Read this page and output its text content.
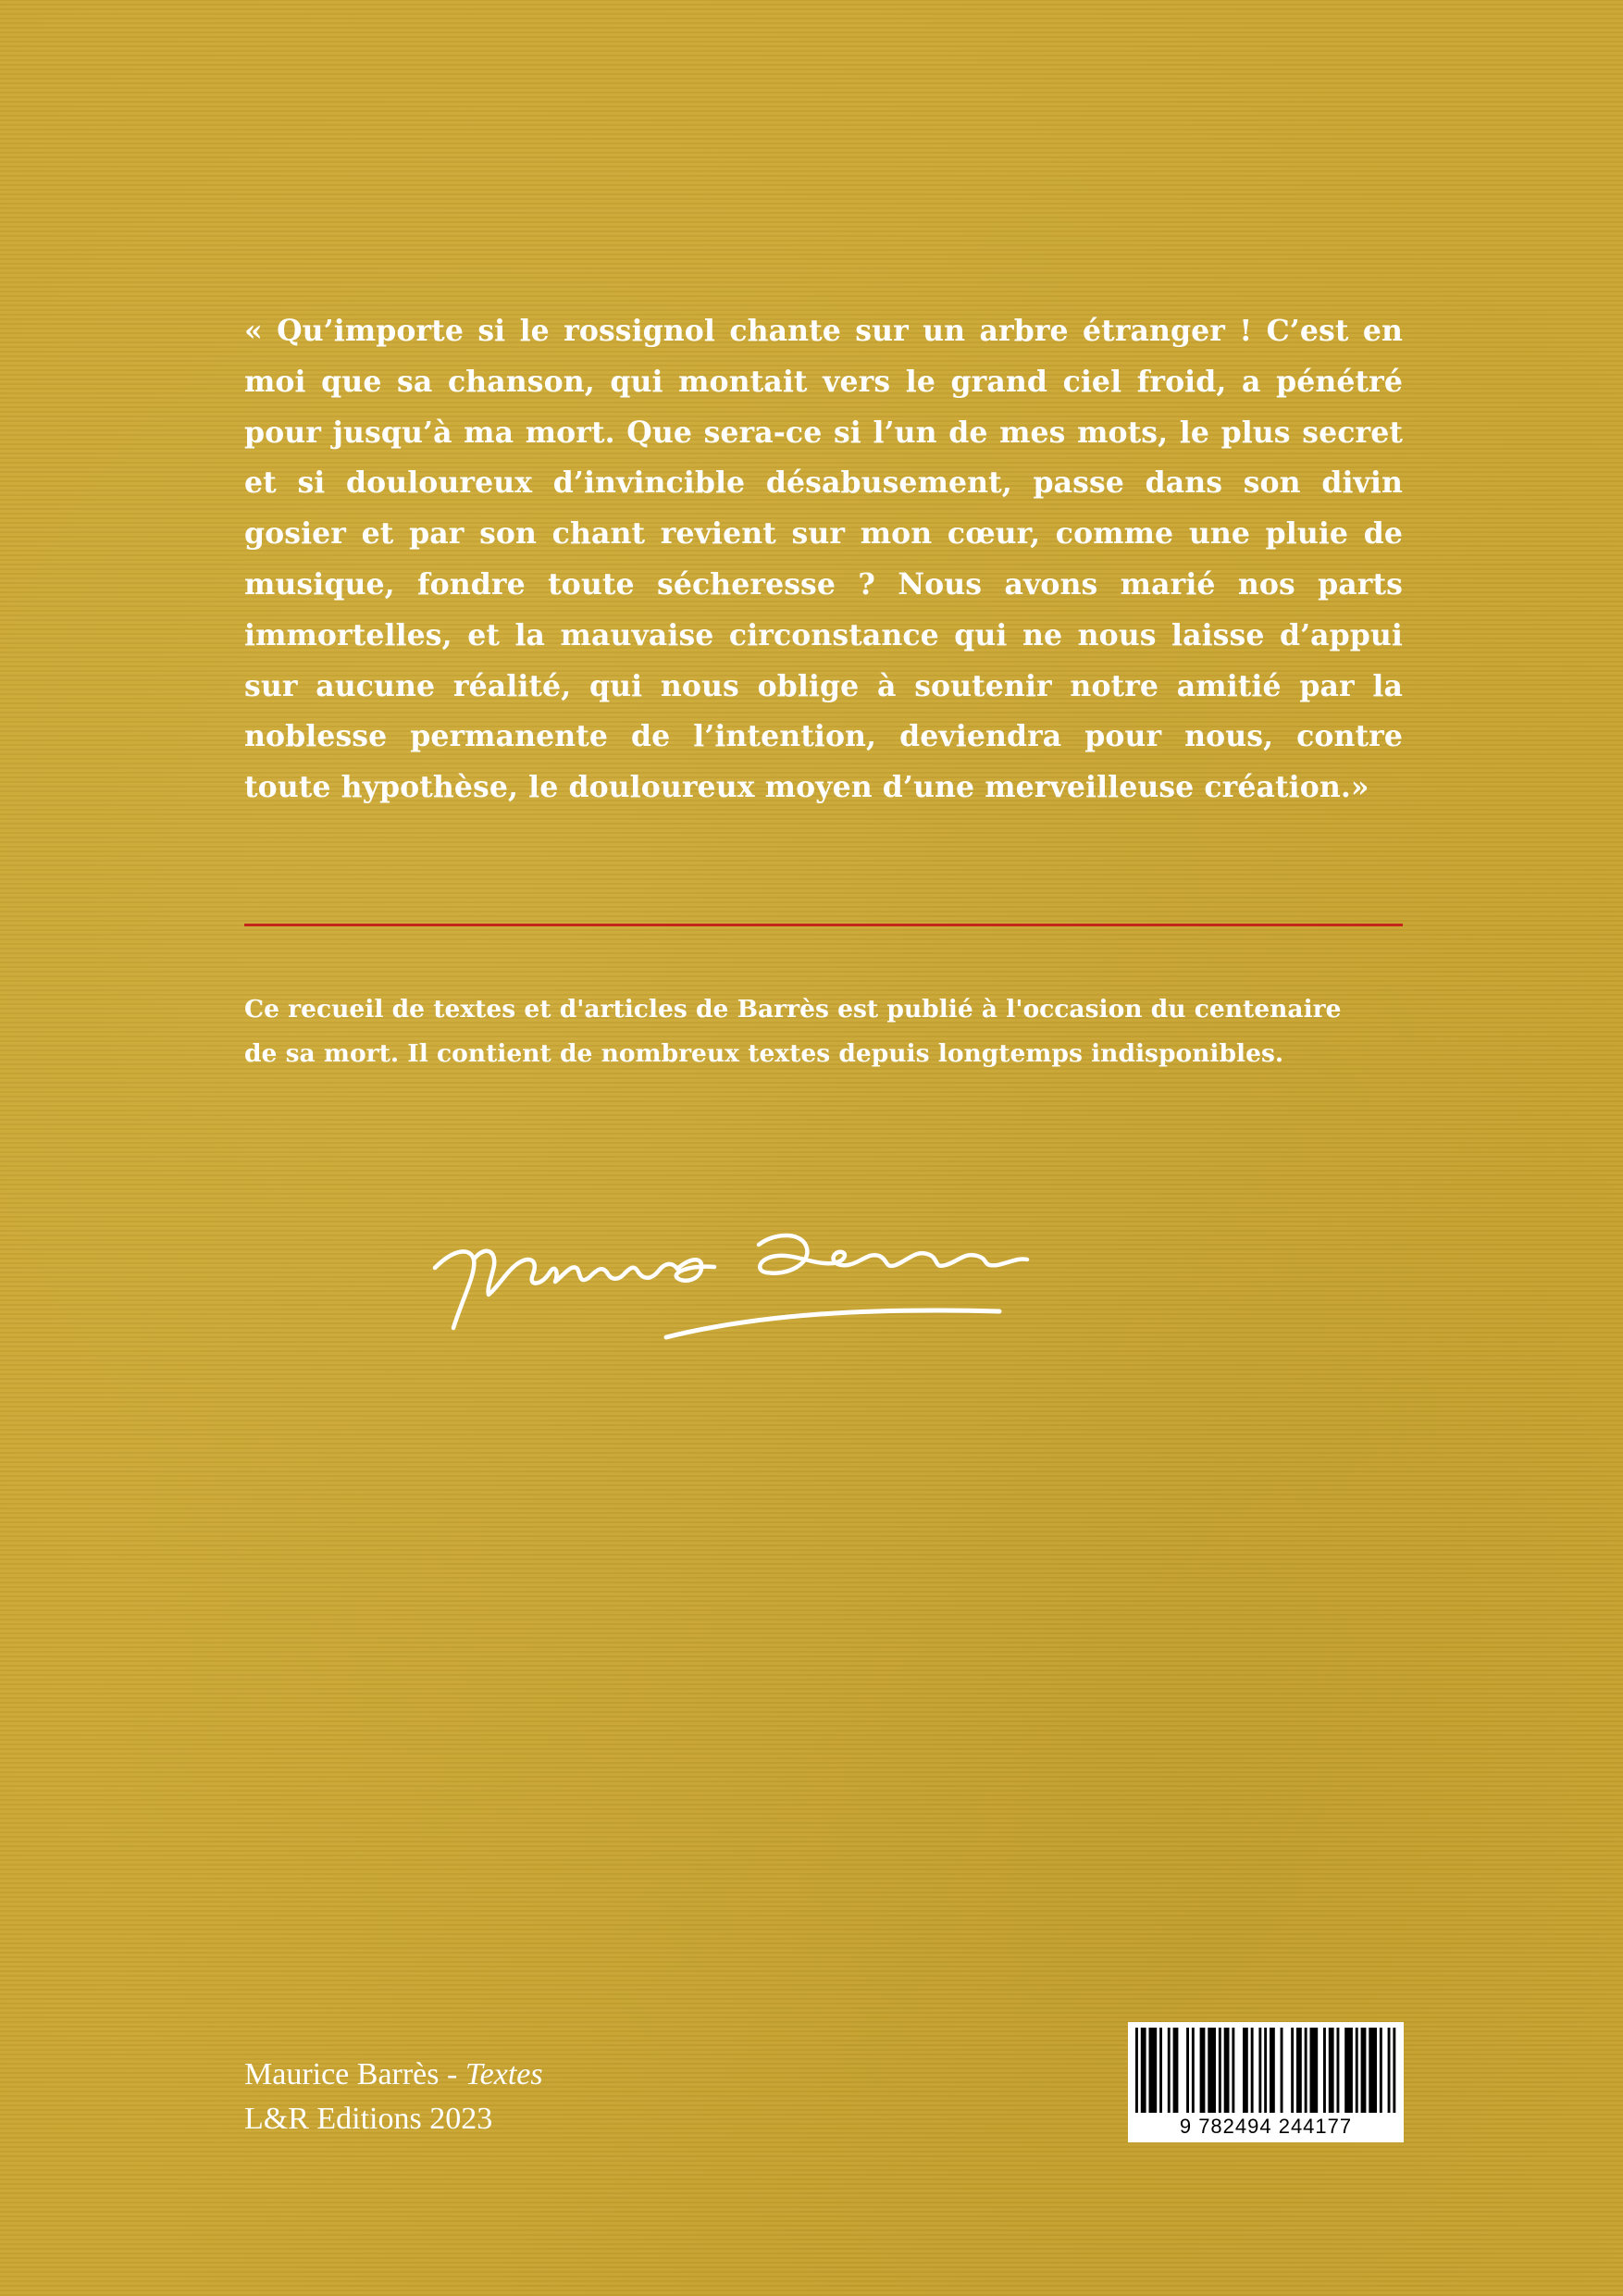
« Qu’importe si le rossignol chante sur un arbre étranger ! C’est en moi que sa chanson, qui montait vers le grand ciel froid, a pénétré pour jusqu’à ma mort. Que sera-ce si l’un de mes mots, le plus secret et si douloureux d’invincible désabusement, passe dans son divin gosier et par son chant revient sur mon cœur, comme une pluie de musique, fondre toute sécheresse ? Nous avons marié nos parts immortelles, et la mauvaise circonstance qui ne nous laisse d’appui sur aucune réalité, qui nous oblige à soutenir notre amitié par la noblesse permanente de l’intention, deviendra pour nous, contre toute hypothèse, le douloureux moyen d’une merveilleuse création.»

Ce recueil de textes et d'articles de Barrès est publié à l'occasion du centenaire
de sa mort. Il contient de nombreux textes depuis longtemps indisponibles.

Maurice Barrès - Textes
L&R Editions 2023	9 782494 244177
